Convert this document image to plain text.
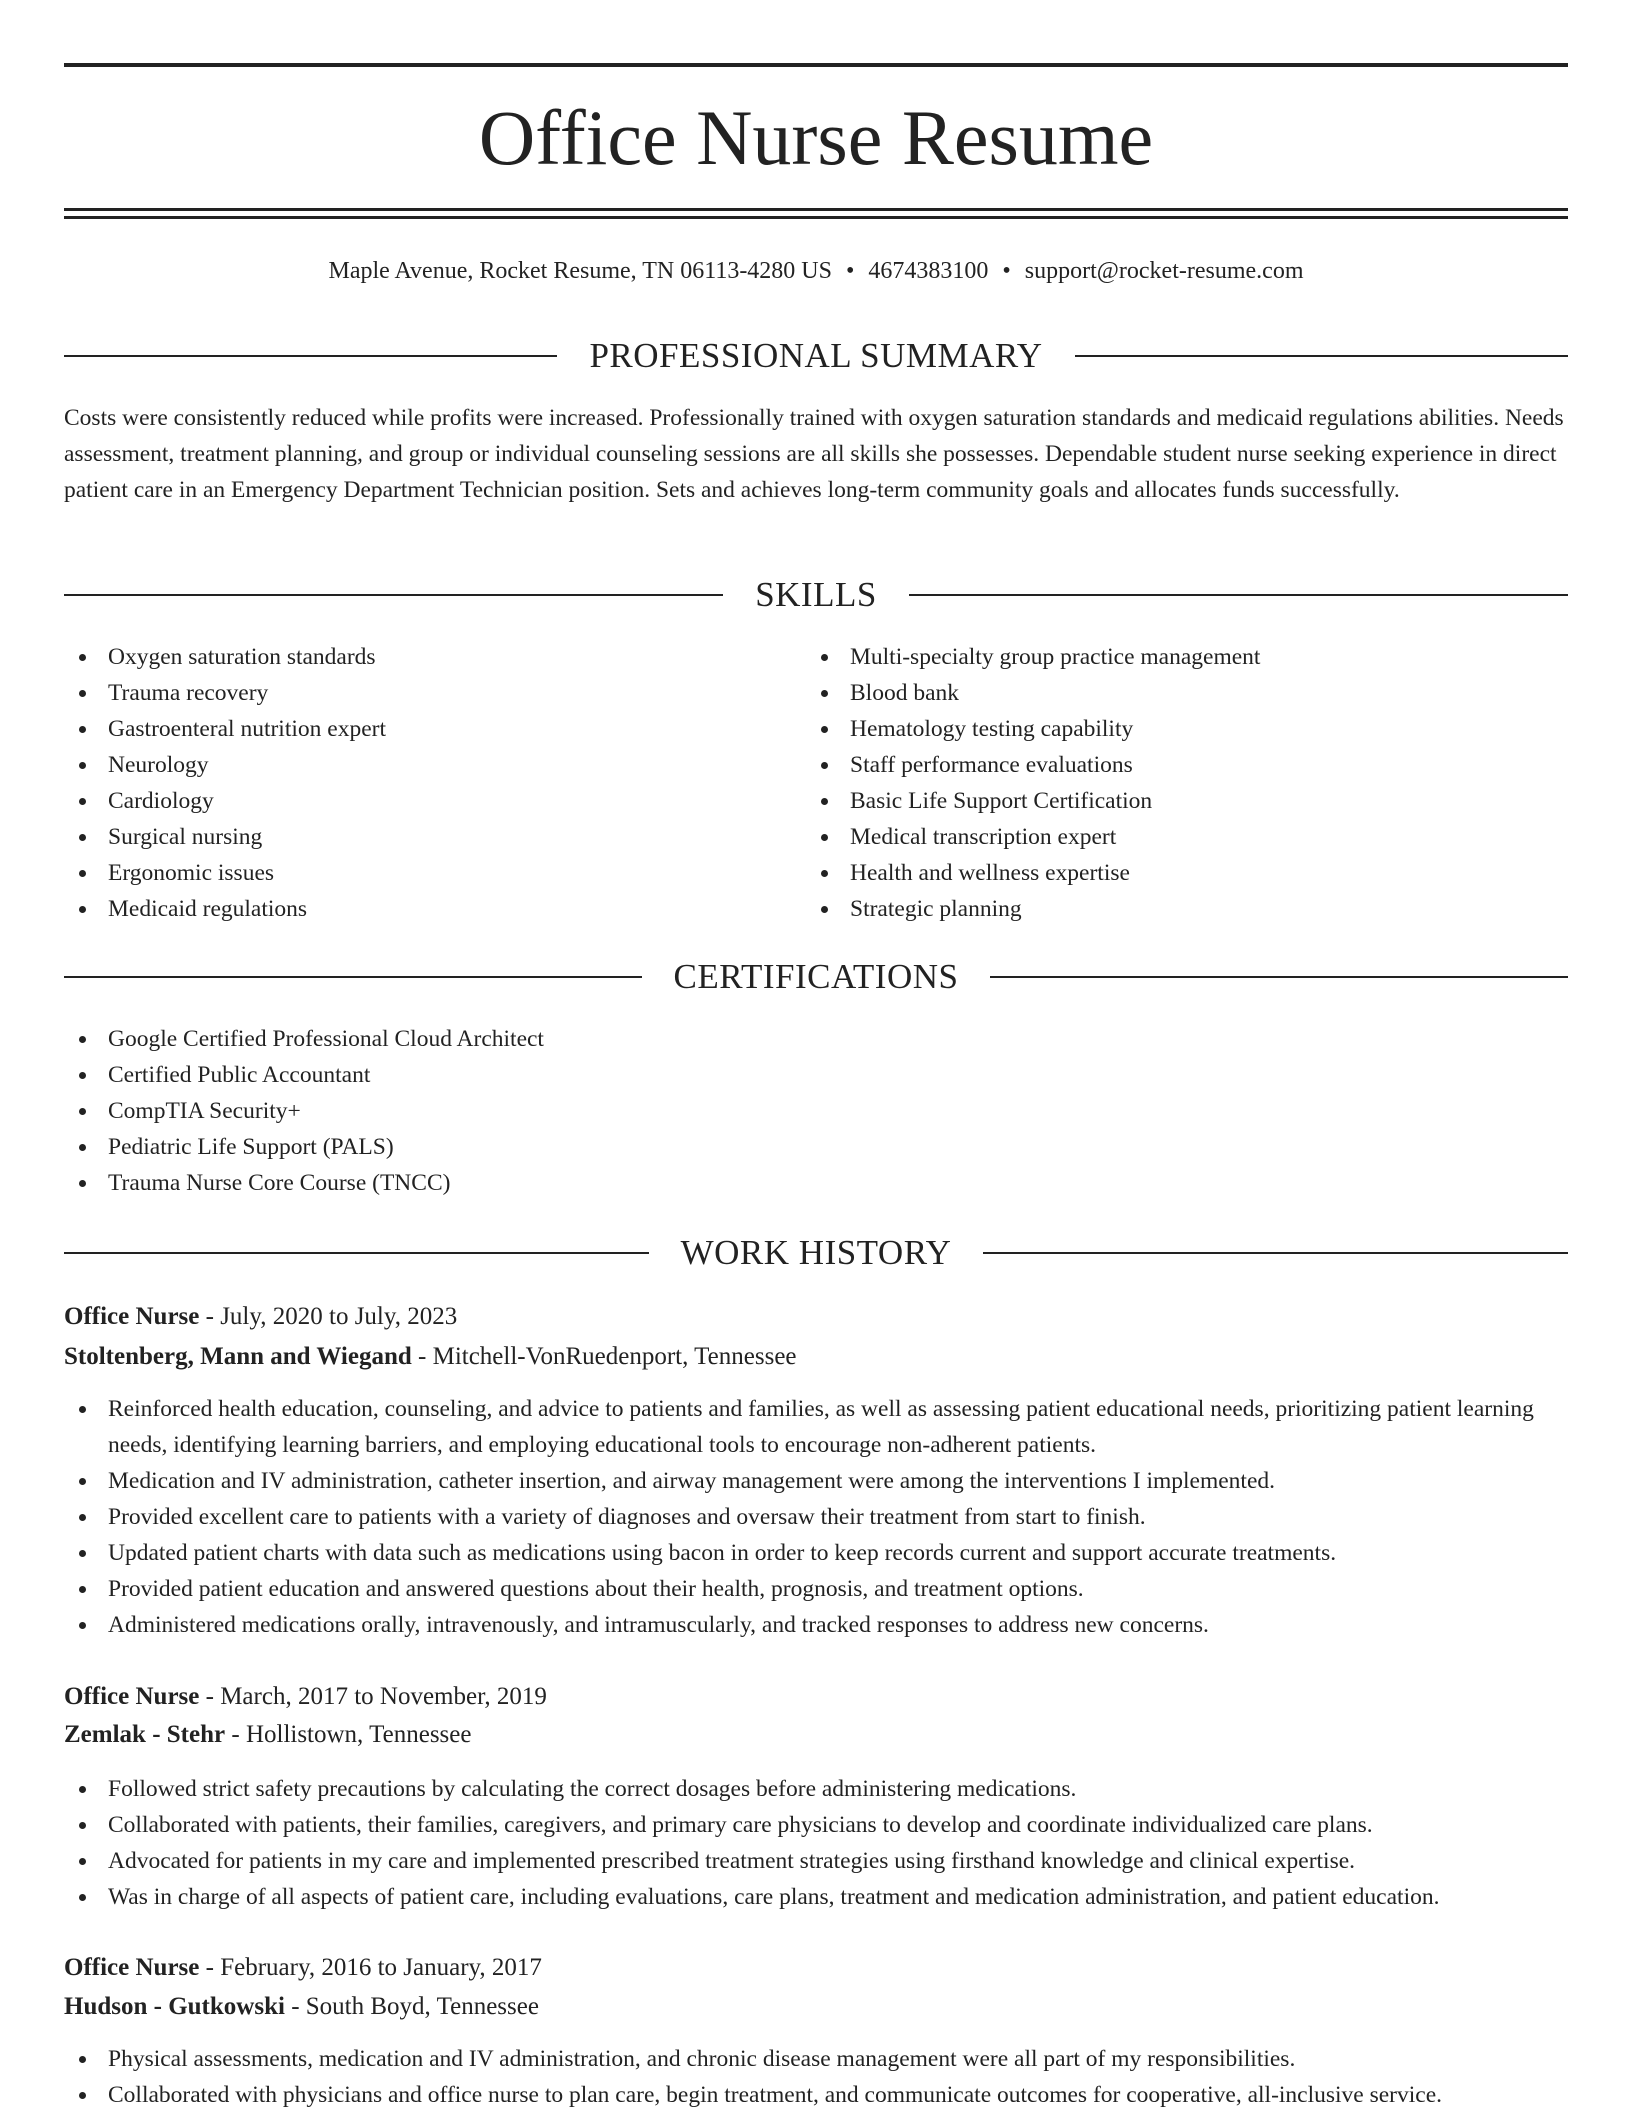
Office Nurse Resume
Maple Avenue, Rocket Resume, TN 06113-4280 US • 4674383100 • support@rocket-resume.com
PROFESSIONAL SUMMARY

Costs were consistently reduced while profits were increased. Professionally trained with oxygen saturation standards and medicaid regulations abilities. Needs assessment, treatment planning, and group or individual counseling sessions are all skills she possesses. Dependable student nurse seeking experience in direct patient care in an Emergency Department Technician position. Sets and achieves long-term community goals and allocates funds successfully.

SKILLS
Oxygen saturation standards
Trauma recovery
Gastroenteral nutrition expert
Neurology
Cardiology
Surgical nursing
Ergonomic issues
Medicaid regulations
Multi-specialty group practice management
Blood bank
Hematology testing capability
Staff performance evaluations
Basic Life Support Certification
Medical transcription expert
Health and wellness expertise
Strategic planning
CERTIFICATIONS
Google Certified Professional Cloud Architect
Certified Public Accountant
CompTIA Security+
Pediatric Life Support (PALS)
Trauma Nurse Core Course (TNCC)
WORK HISTORY
Office Nurse - July, 2020 to July, 2023
Stoltenberg, Mann and Wiegand - Mitchell-VonRuedenport, Tennessee
Reinforced health education, counseling, and advice to patients and families, as well as assessing patient educational needs, prioritizing patient learning needs, identifying learning barriers, and employing educational tools to encourage non-adherent patients.
Medication and IV administration, catheter insertion, and airway management were among the interventions I implemented.
Provided excellent care to patients with a variety of diagnoses and oversaw their treatment from start to finish.
Updated patient charts with data such as medications using bacon in order to keep records current and support accurate treatments.
Provided patient education and answered questions about their health, prognosis, and treatment options.
Administered medications orally, intravenously, and intramuscularly, and tracked responses to address new concerns.
Office Nurse - March, 2017 to November, 2019
Zemlak - Stehr - Hollistown, Tennessee
Followed strict safety precautions by calculating the correct dosages before administering medications.
Collaborated with patients, their families, caregivers, and primary care physicians to develop and coordinate individualized care plans.
Advocated for patients in my care and implemented prescribed treatment strategies using firsthand knowledge and clinical expertise.
Was in charge of all aspects of patient care, including evaluations, care plans, treatment and medication administration, and patient education.
Office Nurse - February, 2016 to January, 2017
Hudson - Gutkowski - South Boyd, Tennessee
Physical assessments, medication and IV administration, and chronic disease management were all part of my responsibilities.
Collaborated with physicians and office nurse to plan care, begin treatment, and communicate outcomes for cooperative, all-inclusive service.
